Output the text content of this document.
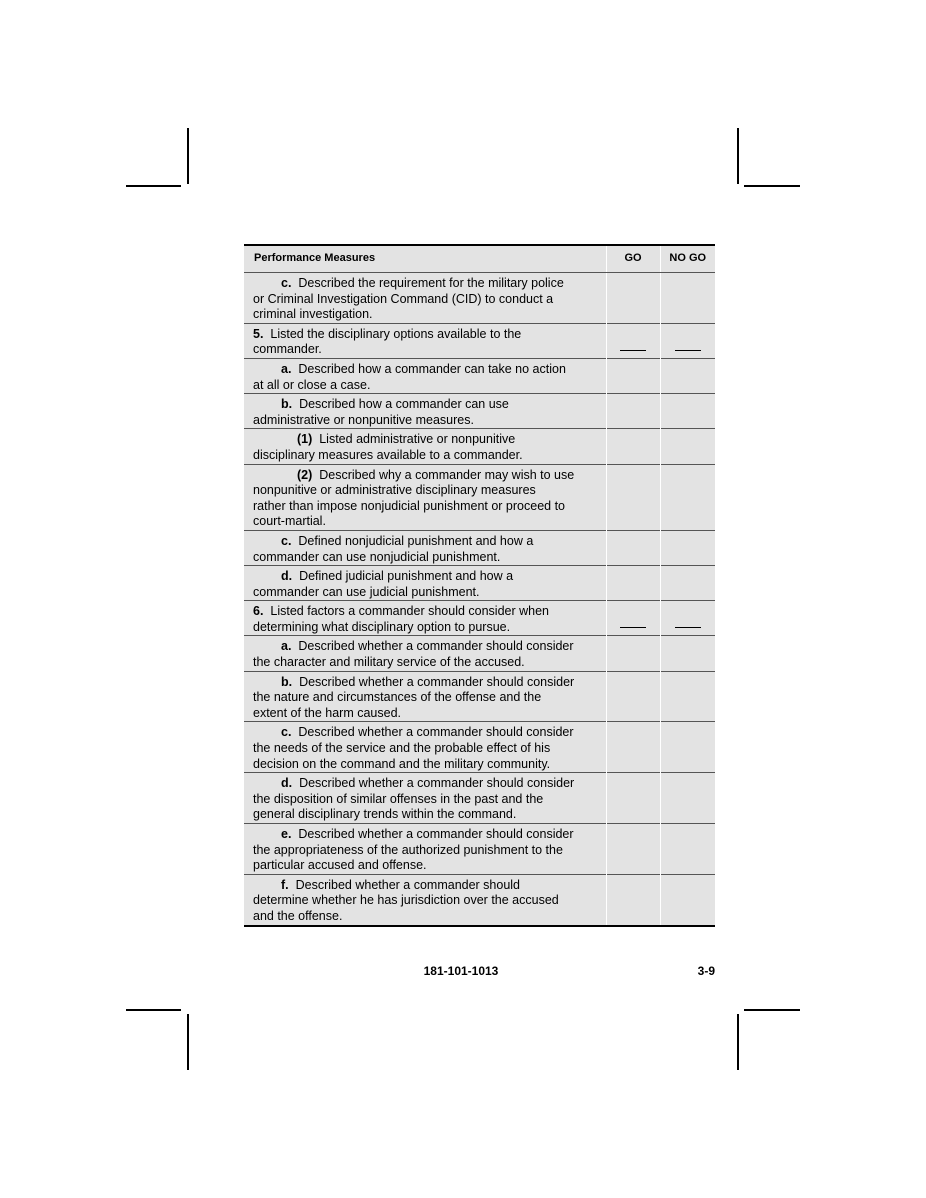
Performance Measures	GO	NO GO
c. Described the requirement for the military police
or Criminal Investigation Command (CID) to conduct a
criminal investigation.		
5. Listed the disciplinary options available to the
commander.	

a. Described how a commander can take no action
at all or close a case.		
b. Described how a commander can use
administrative or nonpunitive measures.		
(1) Listed administrative or nonpunitive
disciplinary measures available to a commander.		
(2) Described why a commander may wish to use
nonpunitive or administrative disciplinary measures
rather than impose nonjudicial punishment or proceed to
court-martial.		
c. Defined nonjudicial punishment and how a
commander can use nonjudicial punishment.		
d. Defined judicial punishment and how a
commander can use judicial punishment.		
6. Listed factors a commander should consider when
determining what disciplinary option to pursue.	

a. Described whether a commander should consider
the character and military service of the accused.		
b. Described whether a commander should consider
the nature and circumstances of the offense and the
extent of the harm caused.		
c. Described whether a commander should consider
the needs of the service and the probable effect of his
decision on the command and the military community.		
d. Described whether a commander should consider
the disposition of similar offenses in the past and the
general disciplinary trends within the command.		
e. Described whether a commander should consider
the appropriateness of the authorized punishment to the
particular accused and offense.		
f. Described whether a commander should
determine whether he has jurisdiction over the accused
and the offense.		
181-101-1013	3-9
